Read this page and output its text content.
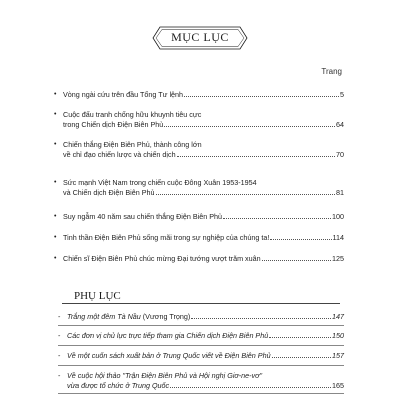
MỤC LỤC
Trang
• Vòng ngài cứu trên đầu Tổng Tư lệnh	5
• Cuộc đấu tranh chống hữu khuynh tiêu cực
trong Chiến dịch Điện Biên Phủ	64
• Chiến thắng Điện Biên Phủ, thành công lớn
về chỉ đạo chiến lược và chiến dịch	70
• Sức mạnh Việt Nam trong chiến cuộc Đông Xuân 1953-1954
và Chiến dịch Điện Biên Phủ	81
• Suy ngẫm 40 năm sau chiến thắng Điện Biên Phủ	100
• Tinh thần Điện Biên Phủ sống mãi trong sự nghiệp của chúng ta!	114
• Chiến sĩ Điện Biên Phủ chúc mừng Đại tướng vượt trăm xuân	125
PHỤ LỤC
- Trắng một đêm Tà Nầu (Vương Trọng)	147
- Các đơn vị chủ lực trực tiếp tham gia Chiến dịch Điện Biên Phủ	150
- Về một cuốn sách xuất bản ở Trung Quốc viết về Điện Biên Phủ	157
- Về cuộc hội thảo "Trận Điện Biên Phủ và Hội nghị Giơ-ne-vơ"
vừa được tổ chức ở Trung Quốc	165
